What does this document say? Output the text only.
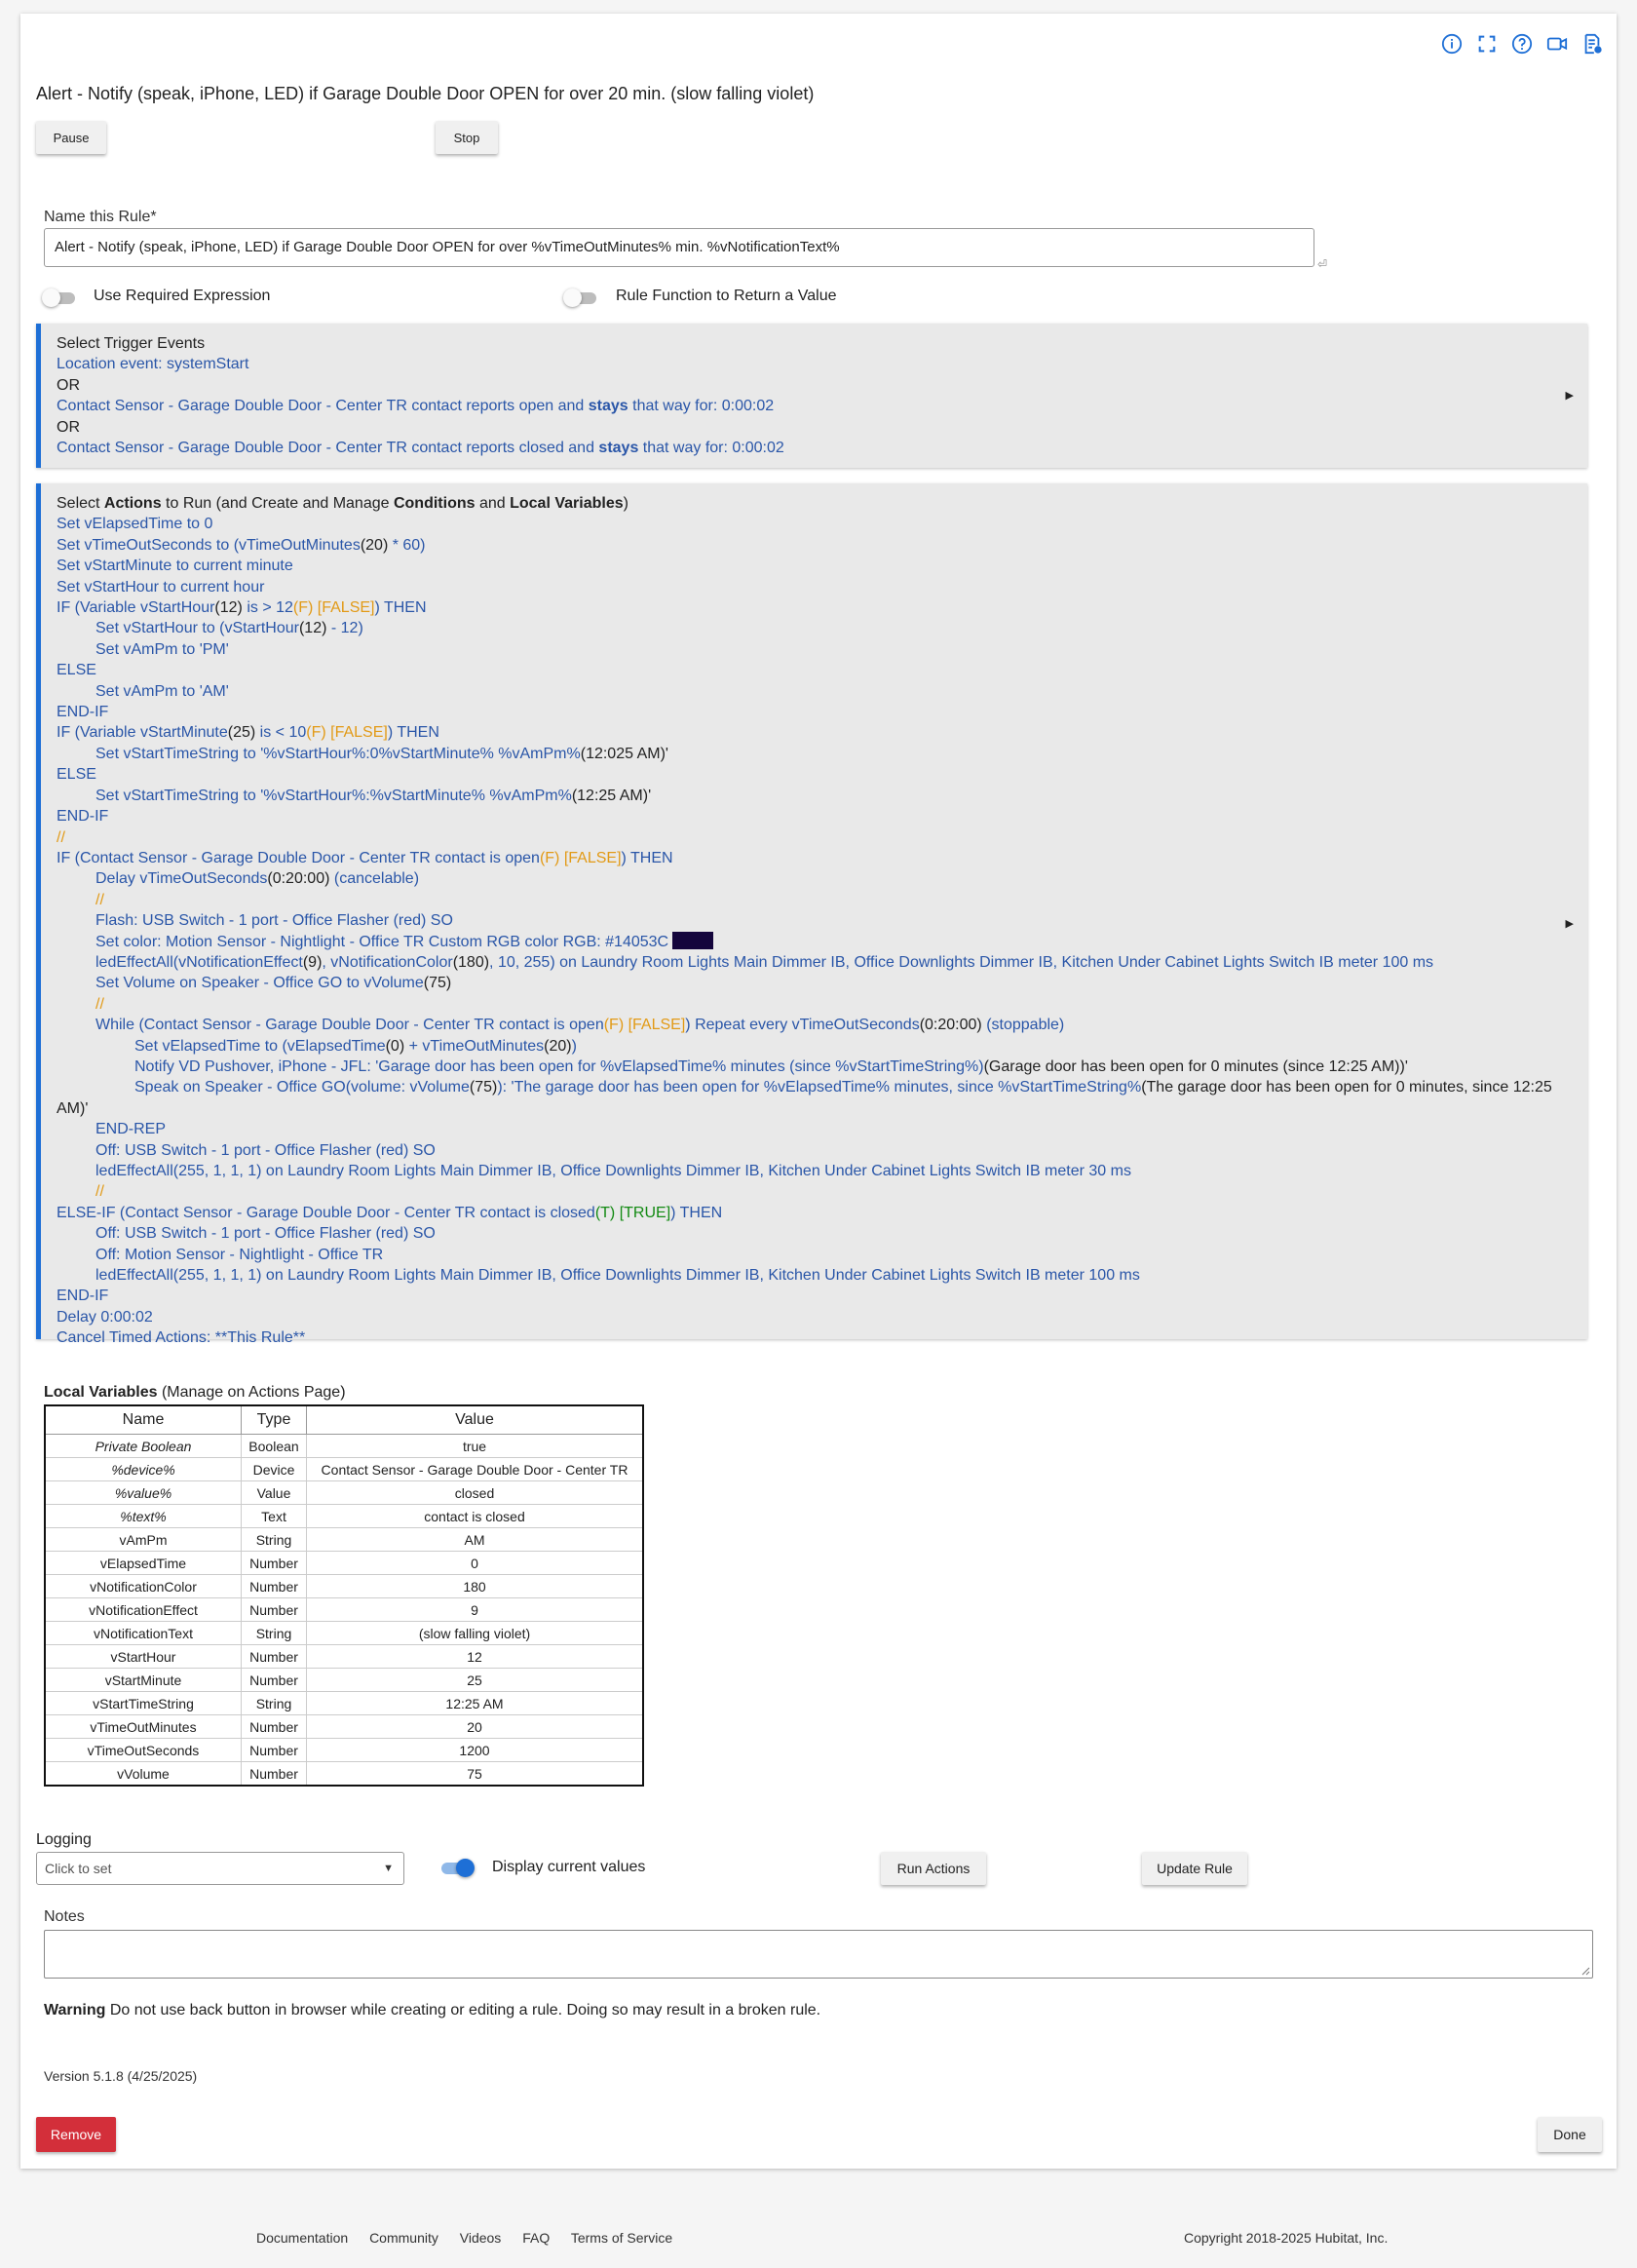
Alert - Notify (speak, iPhone, LED) if Garage Double Door OPEN for over 20 min. (slow falling violet)
Pause	Stop
Name this Rule*
Alert - Notify (speak, iPhone, LED) if Garage Double Door OPEN for over %vTimeOutMinutes% min. %vNotificationText%
⏎
Use Required Expression	Rule Function to Return a Value
Select Trigger Events
Location event: systemStart
OR
Contact Sensor - Garage Double Door - Center TR contact reports open and stays that way for: 0:00:02
OR
Contact Sensor - Garage Double Door - Center TR contact reports closed and stays that way for: 0:00:02
▶
Select Actions to Run (and Create and Manage Conditions and Local Variables)
Set vElapsedTime to 0
Set vTimeOutSeconds to (vTimeOutMinutes(20) * 60)
Set vStartMinute to current minute
Set vStartHour to current hour
IF (Variable vStartHour(12) is > 12(F) [FALSE]) THEN
Set vStartHour to (vStartHour(12) - 12)
Set vAmPm to 'PM'
ELSE
Set vAmPm to 'AM'
END-IF
IF (Variable vStartMinute(25) is < 10(F) [FALSE]) THEN
Set vStartTimeString to '%vStartHour%:0%vStartMinute% %vAmPm%(12:025 AM)'
ELSE
Set vStartTimeString to '%vStartHour%:%vStartMinute% %vAmPm%(12:25 AM)'
END-IF
//
IF (Contact Sensor - Garage Double Door - Center TR contact is open(F) [FALSE]) THEN
Delay vTimeOutSeconds(0:20:00) (cancelable)
//
Flash: USB Switch - 1 port - Office Flasher (red) SO
Set color: Motion Sensor - Nightlight - Office TR Custom RGB color RGB: #14053C
ledEffectAll(vNotificationEffect(9), vNotificationColor(180), 10, 255) on Laundry Room Lights Main Dimmer IB, Office Downlights Dimmer IB, Kitchen Under Cabinet Lights Switch IB meter 100 ms
Set Volume on Speaker - Office GO to vVolume(75)
//
While (Contact Sensor - Garage Double Door - Center TR contact is open(F) [FALSE]) Repeat every vTimeOutSeconds(0:20:00) (stoppable)
Set vElapsedTime to (vElapsedTime(0) + vTimeOutMinutes(20))
Notify VD Pushover, iPhone - JFL: 'Garage door has been open for %vElapsedTime% minutes (since %vStartTimeString%)(Garage door has been open for 0 minutes (since 12:25 AM))'
Speak on Speaker - Office GO(volume: vVolume(75)): 'The garage door has been open for %vElapsedTime% minutes, since %vStartTimeString%(The garage door has been open for 0 minutes, since 12:25
AM)'
END-REP
Off: USB Switch - 1 port - Office Flasher (red) SO
ledEffectAll(255, 1, 1, 1) on Laundry Room Lights Main Dimmer IB, Office Downlights Dimmer IB, Kitchen Under Cabinet Lights Switch IB meter 30 ms
//
ELSE-IF (Contact Sensor - Garage Double Door - Center TR contact is closed(T) [TRUE]) THEN
Off: USB Switch - 1 port - Office Flasher (red) SO
Off: Motion Sensor - Nightlight - Office TR
ledEffectAll(255, 1, 1, 1) on Laundry Room Lights Main Dimmer IB, Office Downlights Dimmer IB, Kitchen Under Cabinet Lights Switch IB meter 100 ms
END-IF
Delay 0:00:02
Cancel Timed Actions: **This Rule**
▶
Local Variables (Manage on Actions Page)
Name	Type	Value
Private Boolean	Boolean	true
%device%	Device	Contact Sensor - Garage Double Door - Center TR
%value%	Value	closed
%text%	Text	contact is closed
vAmPm	String	AM
vElapsedTime	Number	0
vNotificationColor	Number	180
vNotificationEffect	Number	9
vNotificationText	String	(slow falling violet)
vStartHour	Number	12
vStartMinute	Number	25
vStartTimeString	String	12:25 AM
vTimeOutMinutes	Number	20
vTimeOutSeconds	Number	1200
vVolume	Number	75
Logging
Click to set	▼	Display current values	Run Actions	Update Rule
Notes
Warning Do not use back button in browser while creating or editing a rule. Doing so may result in a broken rule.
Version 5.1.8 (4/25/2025)
Remove	Done
Documentation Community Videos FAQ Terms of Service	Copyright 2018-2025 Hubitat, Inc.
